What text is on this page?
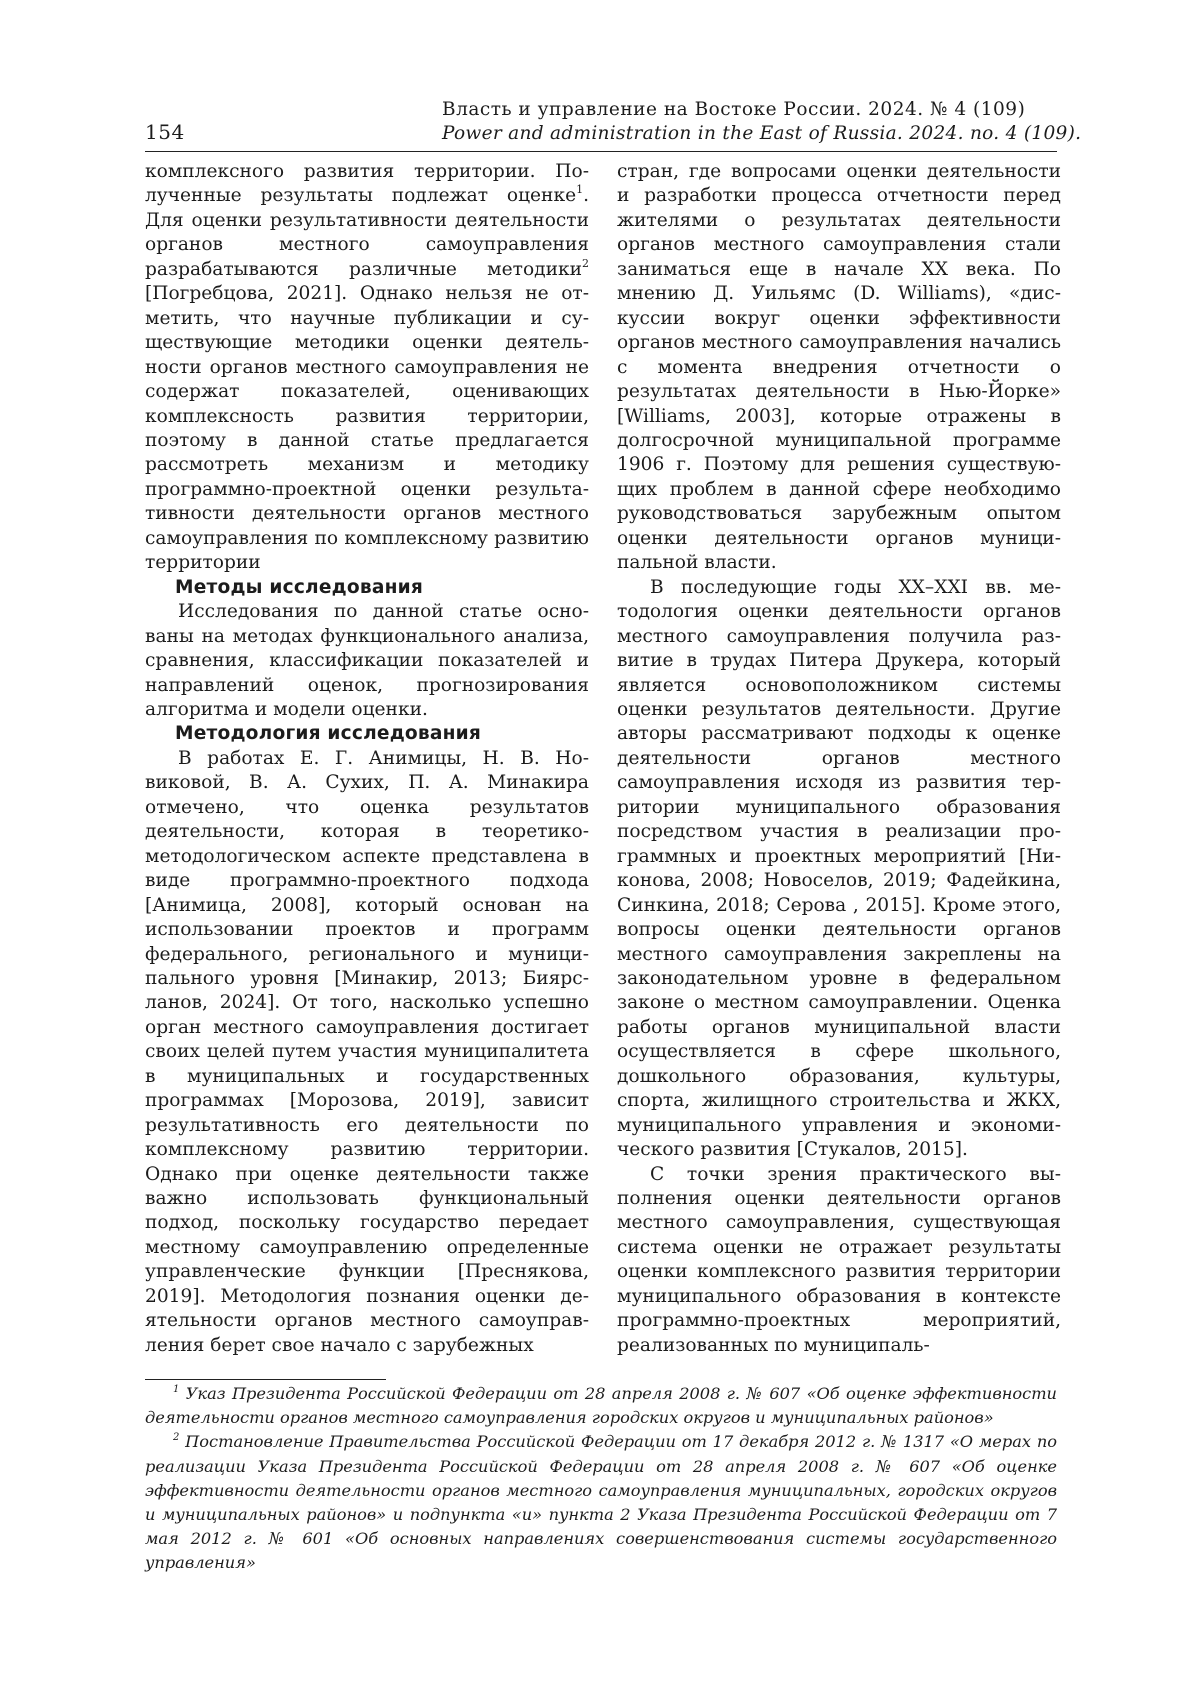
154
Власть и управление на Востоке России. 2024. № 4 (109)
Power and administration in the East of Russia. 2024. no. 4 (109).

комплексного развития территории. Полученные результаты подлежат оценке$^1$. Для оценки результативности деятельности органов местного самоуправления разрабатываются различные методики$^2$ [Погребцова, 2021]. Однако нельзя не отметить, что научные публикации и существующие методики оценки деятельности органов местного самоуправления не содержат показателей, оценивающих комплексность развития территории, поэтому в данной статье предлагается рассмотреть механизм и методику программно-проектной оценки результативности деятельности органов местного самоуправления по комплексному развитию территории

Методы исследования

Исследования по данной статье основаны на методах функционального анализа, сравнения, классификации показателей и направлений оценок, прогнозирования алгоритма и модели оценки.

Методология исследования

В работах Е. Г. Анимицы, Н. В. Новиковой, В. А. Сухих, П. А. Минакира отмечено, что оценка результатов деятельности, которая в теоретико-методологическом аспекте представлена в виде программно-проектного подхода [Анимица, 2008], который основан на использовании проектов и программ федерального, регионального и муниципального уровня [Минакир, 2013; Биярсланов, 2024]. От того, насколько успешно орган местного самоуправления достигает своих целей путем участия муниципалитета в муниципальных и государственных программах [Морозова, 2019], зависит результативность его деятельности по комплексному развитию территории. Однако при оценке деятельности также важно использовать функциональный подход, поскольку государство передает местному самоуправлению определенные управленческие функции [Преснякова, 2019]. Методология познания оценки деятельности органов местного самоуправления берет свое начало с зарубежных

стран, где вопросами оценки деятельности и разработки процесса отчетности перед жителями о результатах деятельности органов местного самоуправления стали заниматься еще в начале XX века. По мнению Д. Уильямс (D. Williams), «дискуссии вокруг оценки эффективности органов местного самоуправления начались с момента внедрения отчетности о результатах деятельности в Нью-Йорке» [Williams, 2003], которые отражены в долгосрочной муниципальной программе 1906 г. Поэтому для решения существующих проблем в данной сфере необходимо руководствоваться зарубежным опытом оценки деятельности органов муниципальной власти.

В последующие годы XX–XXI вв. методология оценки деятельности органов местного самоуправления получила развитие в трудах Питера Друкера, который является основоположником системы оценки результатов деятельности. Другие авторы рассматривают подходы к оценке деятельности органов местного самоуправления исходя из развития территории муниципального образования посредством участия в реализации программных и проектных мероприятий [Никонова, 2008; Новоселов, 2019; Фадейкина, Синкина, 2018; Серова , 2015]. Кроме этого, вопросы оценки деятельности органов местного самоуправления закреплены на законодательном уровне в федеральном законе о местном самоуправлении. Оценка работы органов муниципальной власти осуществляется в сфере школьного, дошкольного образования, культуры, спорта, жилищного строительства и ЖКХ, муниципального управления и экономического развития [Стукалов, 2015].

С точки зрения практического выполнения оценки деятельности органов местного самоуправления, существующая система оценки не отражает результаты оценки комплексного развития территории муниципального образования в контексте программно-проектных мероприятий, реализованных по муниципаль-

$^1$ Указ Президента Российской Федерации от 28 апреля 2008 г. № 607 «Об оценке эффективности деятельности органов местного самоуправления городских округов и муниципальных районов»

$^2$ Постановление Правительства Российской Федерации от 17 декабря 2012 г. № 1317 «О мерах по реализации Указа Президента Российской Федерации от 28 апреля 2008 г. № 607 «Об оценке эффективности деятельности органов местного самоуправления муниципальных, городских округов и муниципальных районов» и подпункта «и» пункта 2 Указа Президента Российской Федерации от 7 мая 2012 г. № 601 «Об основных направлениях совершенствования системы государственного управления»
